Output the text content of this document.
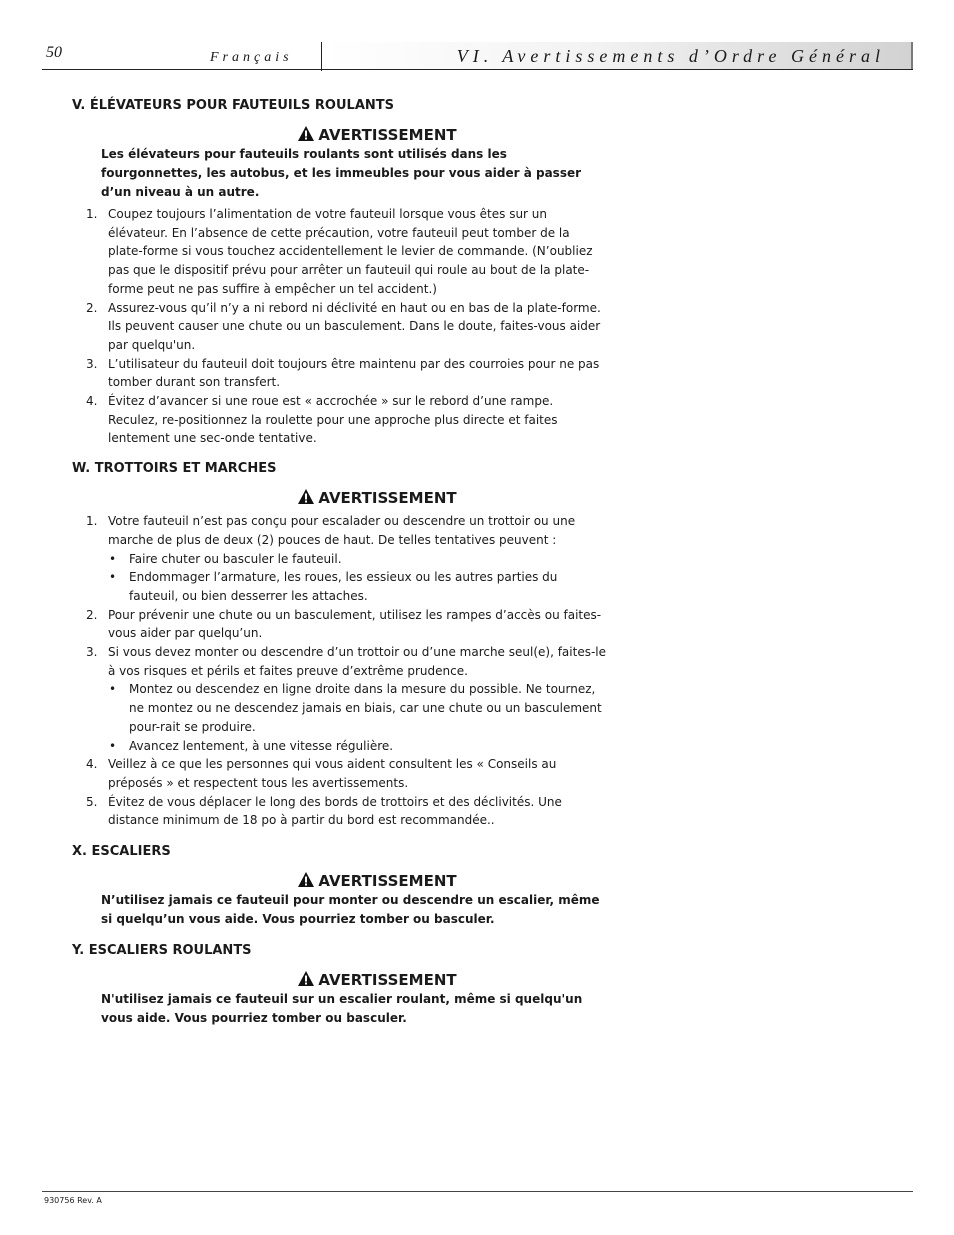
50	Français	VI. Avertissements d’Ordre Général
V. ÉLÉVATEURS POUR FAUTEUILS ROULANTS
AVERTISSEMENT
Les élévateurs pour fauteuils roulants sont utilisés dans les fourgonnettes, les autobus, et les immeubles pour vous aider à passer d’un niveau à un autre.
1. Coupez toujours l’alimentation de votre fauteuil lorsque vous êtes sur un élévateur. En l’absence de cette précaution, votre fauteuil peut tomber de la plate-forme si vous touchez accidentellement le levier de commande. (N’oubliez pas que le dispositif prévu pour arrêter un fauteuil qui roule au bout de la plate-forme peut ne pas suffire à empêcher un tel accident.)
2. Assurez-vous qu’il n’y a ni rebord ni déclivité en haut ou en bas de la plate-forme. Ils peuvent causer une chute ou un basculement. Dans le doute, faites-vous aider par quelqu'un.
3. L’utilisateur du fauteuil doit toujours être maintenu par des courroies pour ne pas tomber durant son transfert.
4. Évitez d’avancer si une roue est « accrochée » sur le rebord d’une rampe. Reculez, re-positionnez la roulette pour une approche plus directe et faites lentement une sec-onde tentative.
W. TROTTOIRS ET MARCHES
AVERTISSEMENT
1. Votre fauteuil n’est pas conçu pour escalader ou descendre un trottoir ou une marche de plus de deux (2) pouces de haut. De telles tentatives peuvent :
• Faire chuter ou basculer le fauteuil.
• Endommager l’armature, les roues, les essieux ou les autres parties du fauteuil, ou bien desserrer les attaches.
2. Pour prévenir une chute ou un basculement, utilisez les rampes d’accès ou faites-vous aider par quelqu’un.
3. Si vous devez monter ou descendre d’un trottoir ou d’une marche seul(e), faites-le à vos risques et périls et faites preuve d’extrême prudence.
• Montez ou descendez en ligne droite dans la mesure du possible. Ne tournez, ne montez ou ne descendez jamais en biais, car une chute ou un basculement pour-rait se produire.
• Avancez lentement, à une vitesse régulière.
4. Veillez à ce que les personnes qui vous aident consultent les « Conseils au préposés » et respectent tous les avertissements.
5. Évitez de vous déplacer le long des bords de trottoirs et des déclivités. Une distance minimum de 18 po à partir du bord est recommandée..
X. ESCALIERS
AVERTISSEMENT
N’utilisez jamais ce fauteuil pour monter ou descendre un escalier, même si quelqu’un vous aide. Vous pourriez tomber ou basculer.
Y. ESCALIERS ROULANTS
AVERTISSEMENT
N'utilisez jamais ce fauteuil sur un escalier roulant, même si quelqu'un vous aide. Vous pourriez tomber ou basculer.
930756 Rev. A
